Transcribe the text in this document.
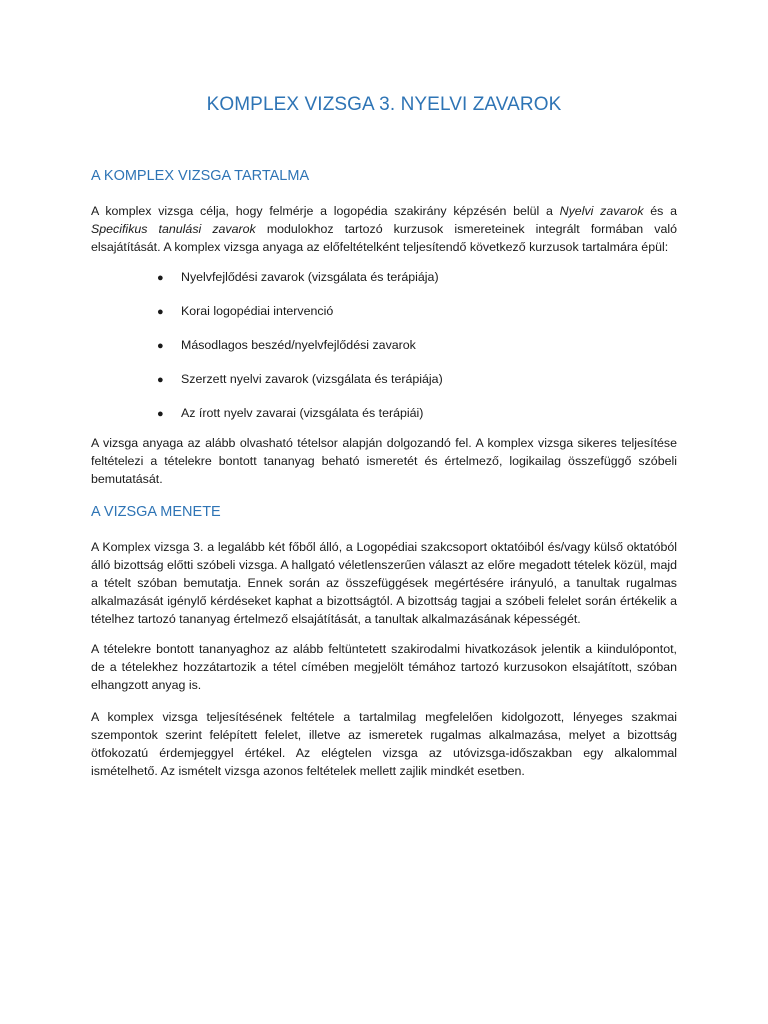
KOMPLEX VIZSGA 3. NYELVI ZAVAROK
A KOMPLEX VIZSGA TARTALMA

A komplex vizsga célja, hogy felmérje a logopédia szakirány képzésén belül a Nyelvi zavarok és a Specifikus tanulási zavarok modulokhoz tartozó kurzusok ismereteinek integrált formában való elsajátítását. A komplex vizsga anyaga az előfeltételként teljesítendő következő kurzusok tartalmára épül:

● Nyelvfejlődési zavarok (vizsgálata és terápiája)
● Korai logopédiai intervenció
● Másodlagos beszéd/nyelvfejlődési zavarok
● Szerzett nyelvi zavarok (vizsgálata és terápiája)
● Az írott nyelv zavarai (vizsgálata és terápiái)

A vizsga anyaga az alább olvasható tételsor alapján dolgozandó fel. A komplex vizsga sikeres teljesítése feltételezi a tételekre bontott tananyag beható ismeretét és értelmező, logikailag összefüggő szóbeli bemutatását.

A VIZSGA MENETE

A Komplex vizsga 3. a legalább két főből álló, a Logopédiai szakcsoport oktatóiból és/vagy külső oktatóból álló bizottság előtti szóbeli vizsga. A hallgató véletlenszerűen választ az előre megadott tételek közül, majd a tételt szóban bemutatja. Ennek során az összefüggések megértésére irányuló, a tanultak rugalmas alkalmazását igénylő kérdéseket kaphat a bizottságtól. A bizottság tagjai a szóbeli felelet során értékelik a tételhez tartozó tananyag értelmező elsajátítását, a tanultak alkalmazásának képességét.

A tételekre bontott tananyaghoz az alább feltüntetett szakirodalmi hivatkozások jelentik a kiindulópontot, de a tételekhez hozzátartozik a tétel címében megjelölt témához tartozó kurzusokon elsajátított, szóban elhangzott anyag is.

A komplex vizsga teljesítésének feltétele a tartalmilag megfelelően kidolgozott, lényeges szakmai szempontok szerint felépített felelet, illetve az ismeretek rugalmas alkalmazása, melyet a bizottság ötfokozatú érdemjeggyel értékel. Az elégtelen vizsga az utóvizsga-időszakban egy alkalommal ismételhető. Az ismételt vizsga azonos feltételek mellett zajlik mindkét esetben.
